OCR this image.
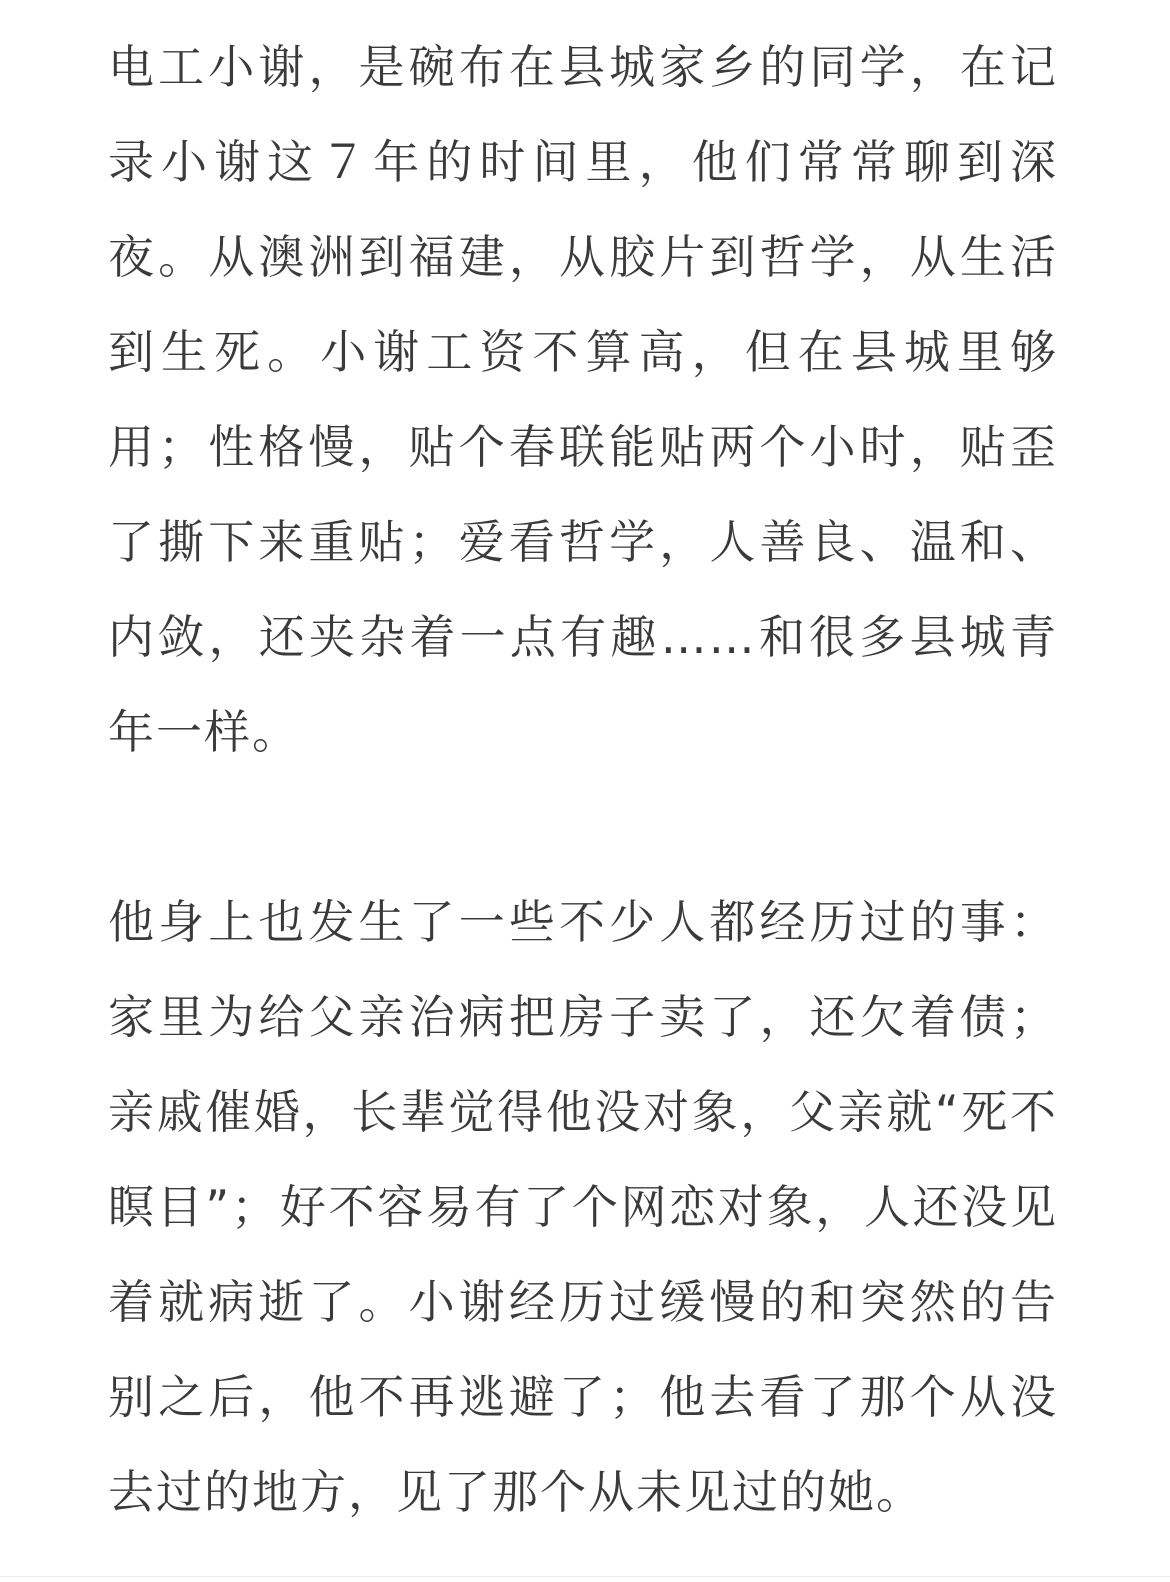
电工小谢，是碗布在县城家乡的同学，在记录小谢这７年的时间里，他们常常聊到深夜。从澳洲到福建，从胶片到哲学，从生活到生死。小谢工资不算高，但在县城里够用；性格慢，贴个春联能贴两个小时，贴歪了撕下来重贴；爱看哲学，人善良、温和、内敛，还夹杂着一点有趣……和很多县城青年一样。

他身上也发生了一些不少人都经历过的事：家里为给父亲治病把房子卖了，还欠着债；亲戚催婚，长辈觉得他没对象，父亲就“死不瞑目”；好不容易有了个网恋对象，人还没见着就病逝了。小谢经历过缓慢的和突然的告别之后，他不再逃避了；他去看了那个从没去过的地方，见了那个从未见过的她。
